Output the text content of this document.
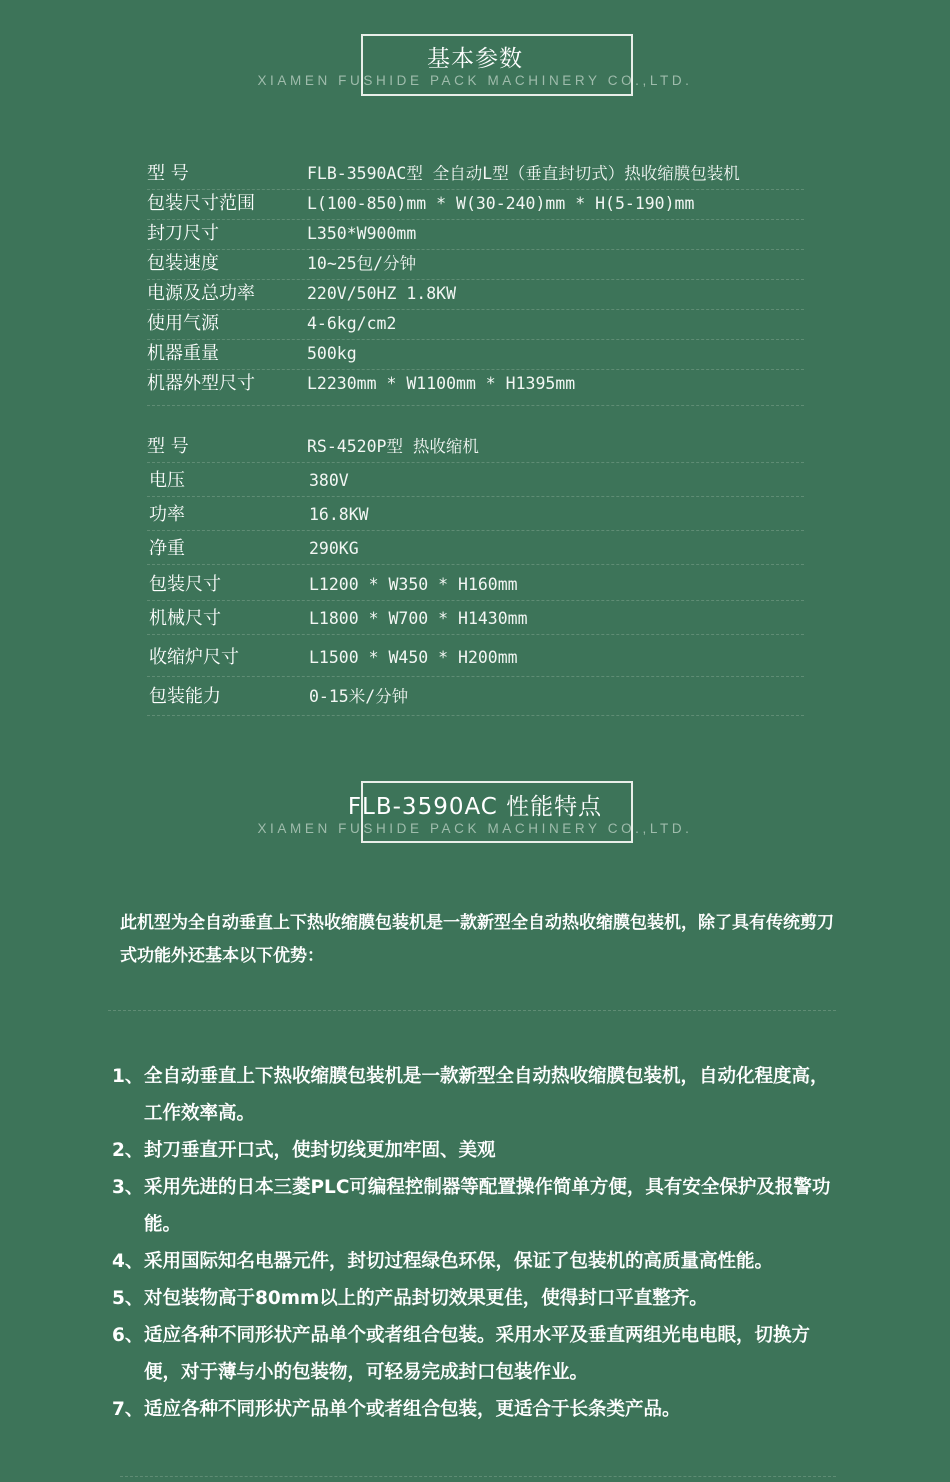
基本参数
XIAMEN FUSHIDE PACK MACHINERY CO.,LTD.
型 号	FLB-3590AC型 全自动L型（垂直封切式）热收缩膜包装机
包装尺寸范围	L(100-850)mm * W(30-240)mm * H(5-190)mm
封刀尺寸	L350*W900mm
包装速度	10~25包/分钟
电源及总功率	220V/50HZ 1.8KW
使用气源	4-6kg/cm2
机器重量	500kg
机器外型尺寸	L2230mm * W1100mm * H1395mm
型 号	RS-4520P型 热收缩机
电压	380V
功率	16.8KW
净重	290KG
包装尺寸	L1200 * W350 * H160mm
机械尺寸	L1800 * W700 * H1430mm
收缩炉尺寸	L1500 * W450 * H200mm
包装能力	0-15米/分钟
FLB-3590AC 性能特点
XIAMEN FUSHIDE PACK MACHINERY CO.,LTD.
此机型为全自动垂直上下热收缩膜包装机是一款新型全自动热收缩膜包装机，除了具有传统剪刀式功能外还基本以下优势：
1、 全自动垂直上下热收缩膜包装机是一款新型全自动热收缩膜包装机，自动化程度高，工作效率高。
2、 封刀垂直开口式，使封切线更加牢固、美观
3、 采用先进的日本三菱PLC可编程控制器等配置操作简单方便，具有安全保护及报警功能。
4、 采用国际知名电器元件，封切过程绿色环保，保证了包装机的高质量高性能。
5、 对包装物高于80mm以上的产品封切效果更佳，使得封口平直整齐。
6、 适应各种不同形状产品单个或者组合包装。采用水平及垂直两组光电电眼，切换方便，对于薄与小的包装物，可轻易完成封口包装作业。
7、 适应各种不同形状产品单个或者组合包装，更适合于长条类产品。
